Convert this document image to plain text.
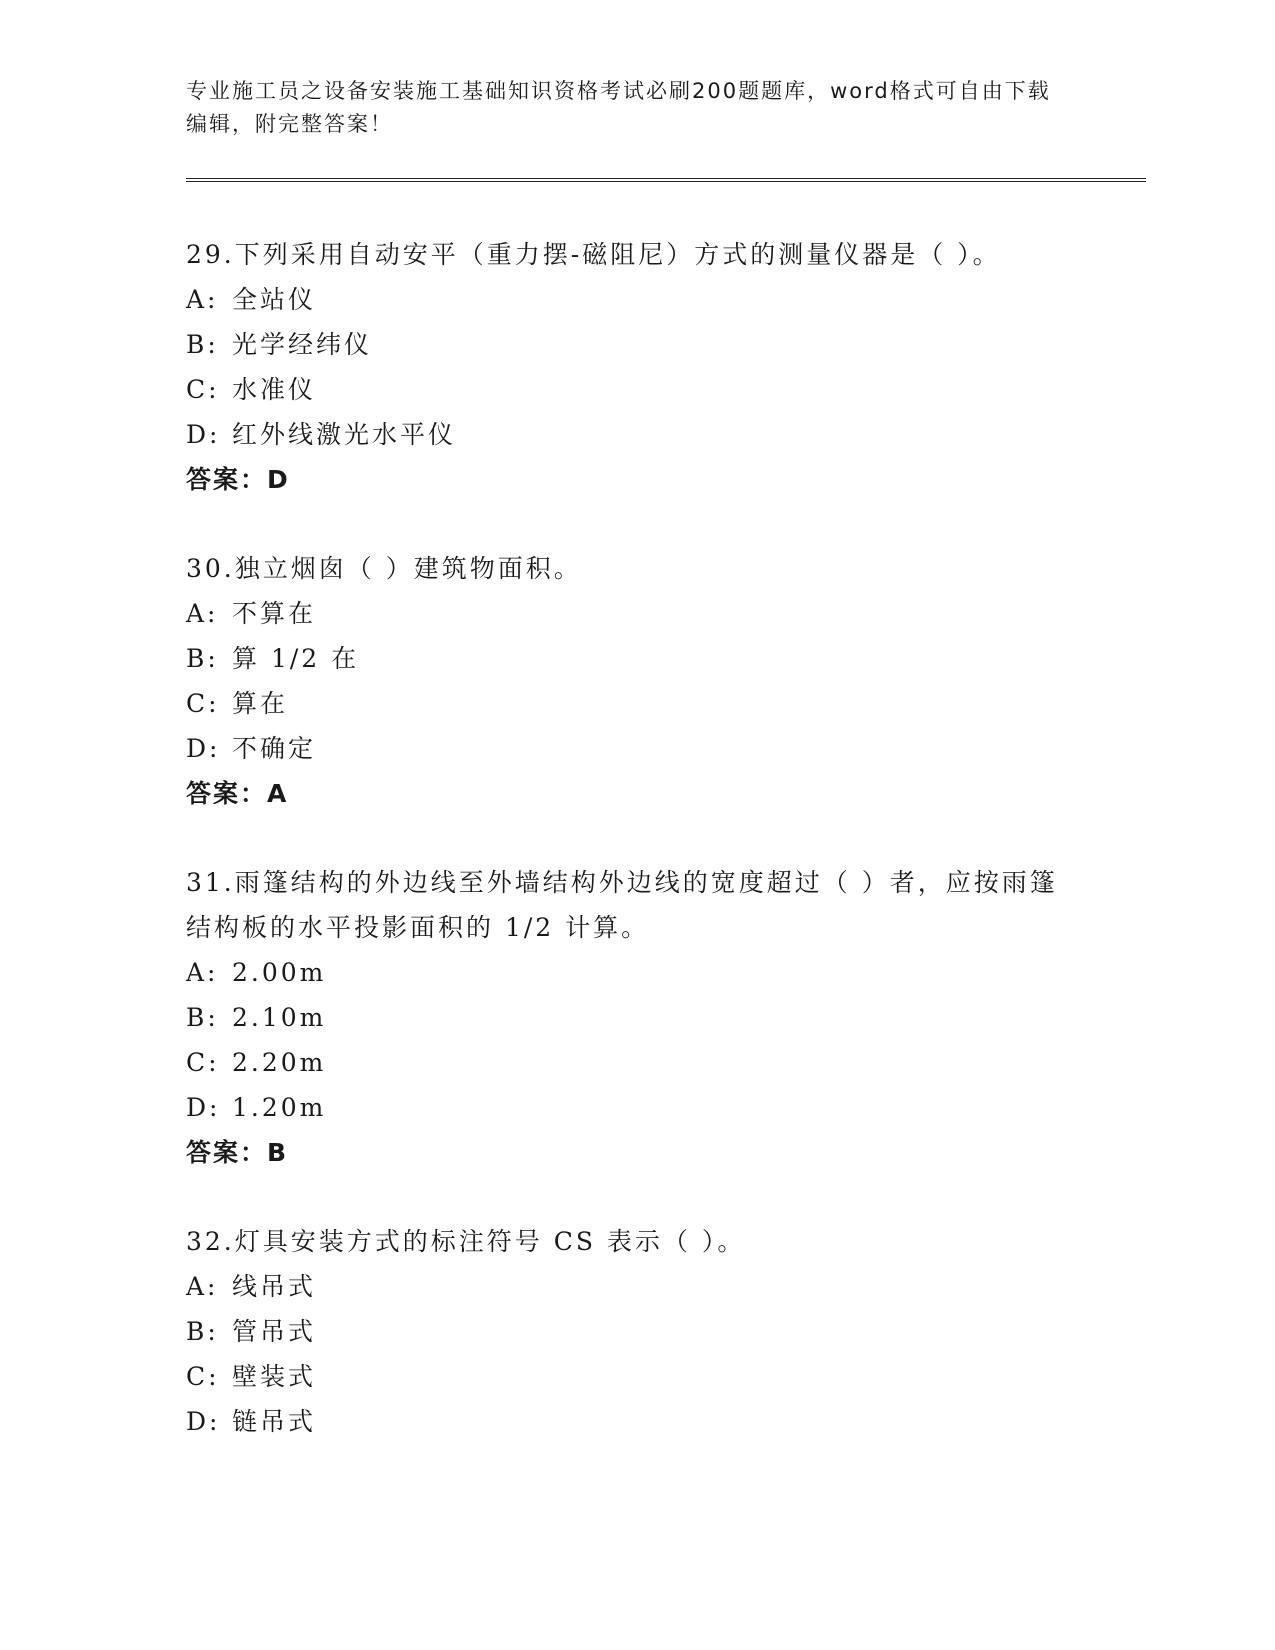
专业施工员之设备安装施工基础知识资格考试必刷200题题库，word格式可自由下载编辑，附完整答案！
29.下列采用自动安平（重力摆-磁阻尼）方式的测量仪器是（ ）。
A: 全站仪
B: 光学经纬仪
C: 水准仪
D: 红外线激光水平仪
答案：D
30.独立烟囱（ ）建筑物面积。
A: 不算在
B: 算 1/2 在
C: 算在
D: 不确定
答案：A
31.雨篷结构的外边线至外墙结构外边线的宽度超过（ ）者，应按雨篷结构板的水平投影面积的 1/2 计算。
A: 2.00m
B: 2.10m
C: 2.20m
D: 1.20m
答案：B
32.灯具安装方式的标注符号 CS 表示（ ）。
A: 线吊式
B: 管吊式
C: 壁装式
D: 链吊式
